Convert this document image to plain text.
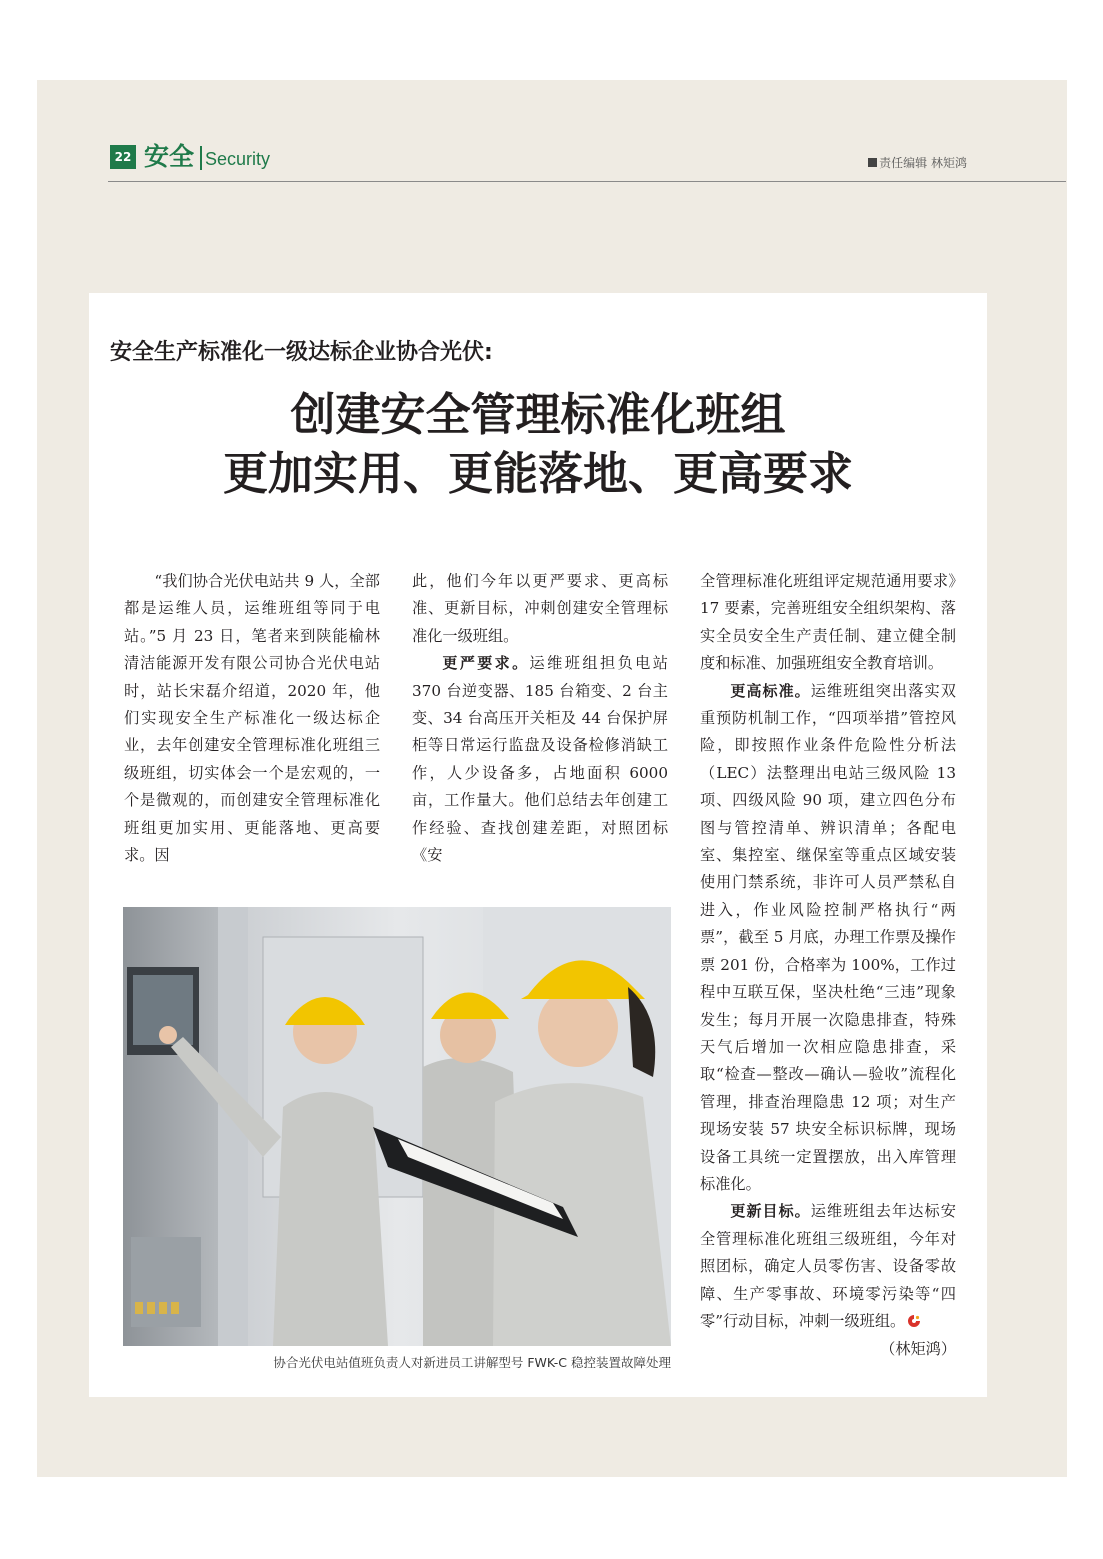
22 安全 Security	责任编辑 林矩鸿
安全生产标准化一级达标企业协合光伏:
创建安全管理标准化班组
更加实用、更能落地、更高要求

“我们协合光伏电站共 9 人，全部都是运维人员，运维班组等同于电站。”5 月 23 日，笔者来到陕能榆林清洁能源开发有限公司协合光伏电站时，站长宋磊介绍道，2020 年，他们实现安全生产标准化一级达标企业，去年创建安全管理标准化班组三级班组，切实体会一个是宏观的，一个是微观的，而创建安全管理标准化班组更加实用、更能落地、更高要求。因

此，他们今年以更严要求、更高标准、更新目标，冲刺创建安全管理标准化一级班组。

更严要求。运维班组担负电站 370 台逆变器、185 台箱变、2 台主变、34 台高压开关柜及 44 台保护屏柜等日常运行监盘及设备检修消缺工作，人少设备多，占地面积 6000 亩，工作量大。他们总结去年创建工作经验、查找创建差距，对照团标《安

全管理标准化班组评定规范通用要求》17 要素，完善班组安全组织架构、落实全员安全生产责任制、建立健全制度和标准、加强班组安全教育培训。

更高标准。运维班组突出落实双重预防机制工作，“四项举措”管控风险，即按照作业条件危险性分析法（LEC）法整理出电站三级风险 13 项、四级风险 90 项，建立四色分布图与管控清单、辨识清单；各配电室、集控室、继保室等重点区域安装使用门禁系统，非许可人员严禁私自进入，作业风险控制严格执行“两票”，截至 5 月底，办理工作票及操作票 201 份，合格率为 100%，工作过程中互联互保，坚决杜绝“三违”现象发生；每月开展一次隐患排查，特殊天气后增加一次相应隐患排查，采取“检查—整改—确认—验收”流程化管理，排查治理隐患 12 项；对生产现场安装 57 块安全标识标牌，现场设备工具统一定置摆放，出入库管理标准化。

更新目标。运维班组去年达标安全管理标准化班组三级班组，今年对照团标，确定人员零伤害、设备零故障、生产零事故、环境零污染等“四零”行动目标，冲刺一级班组。

（林矩鸿）

协合光伏电站值班负责人对新进员工讲解型号 FWK-C 稳控装置故障处理
